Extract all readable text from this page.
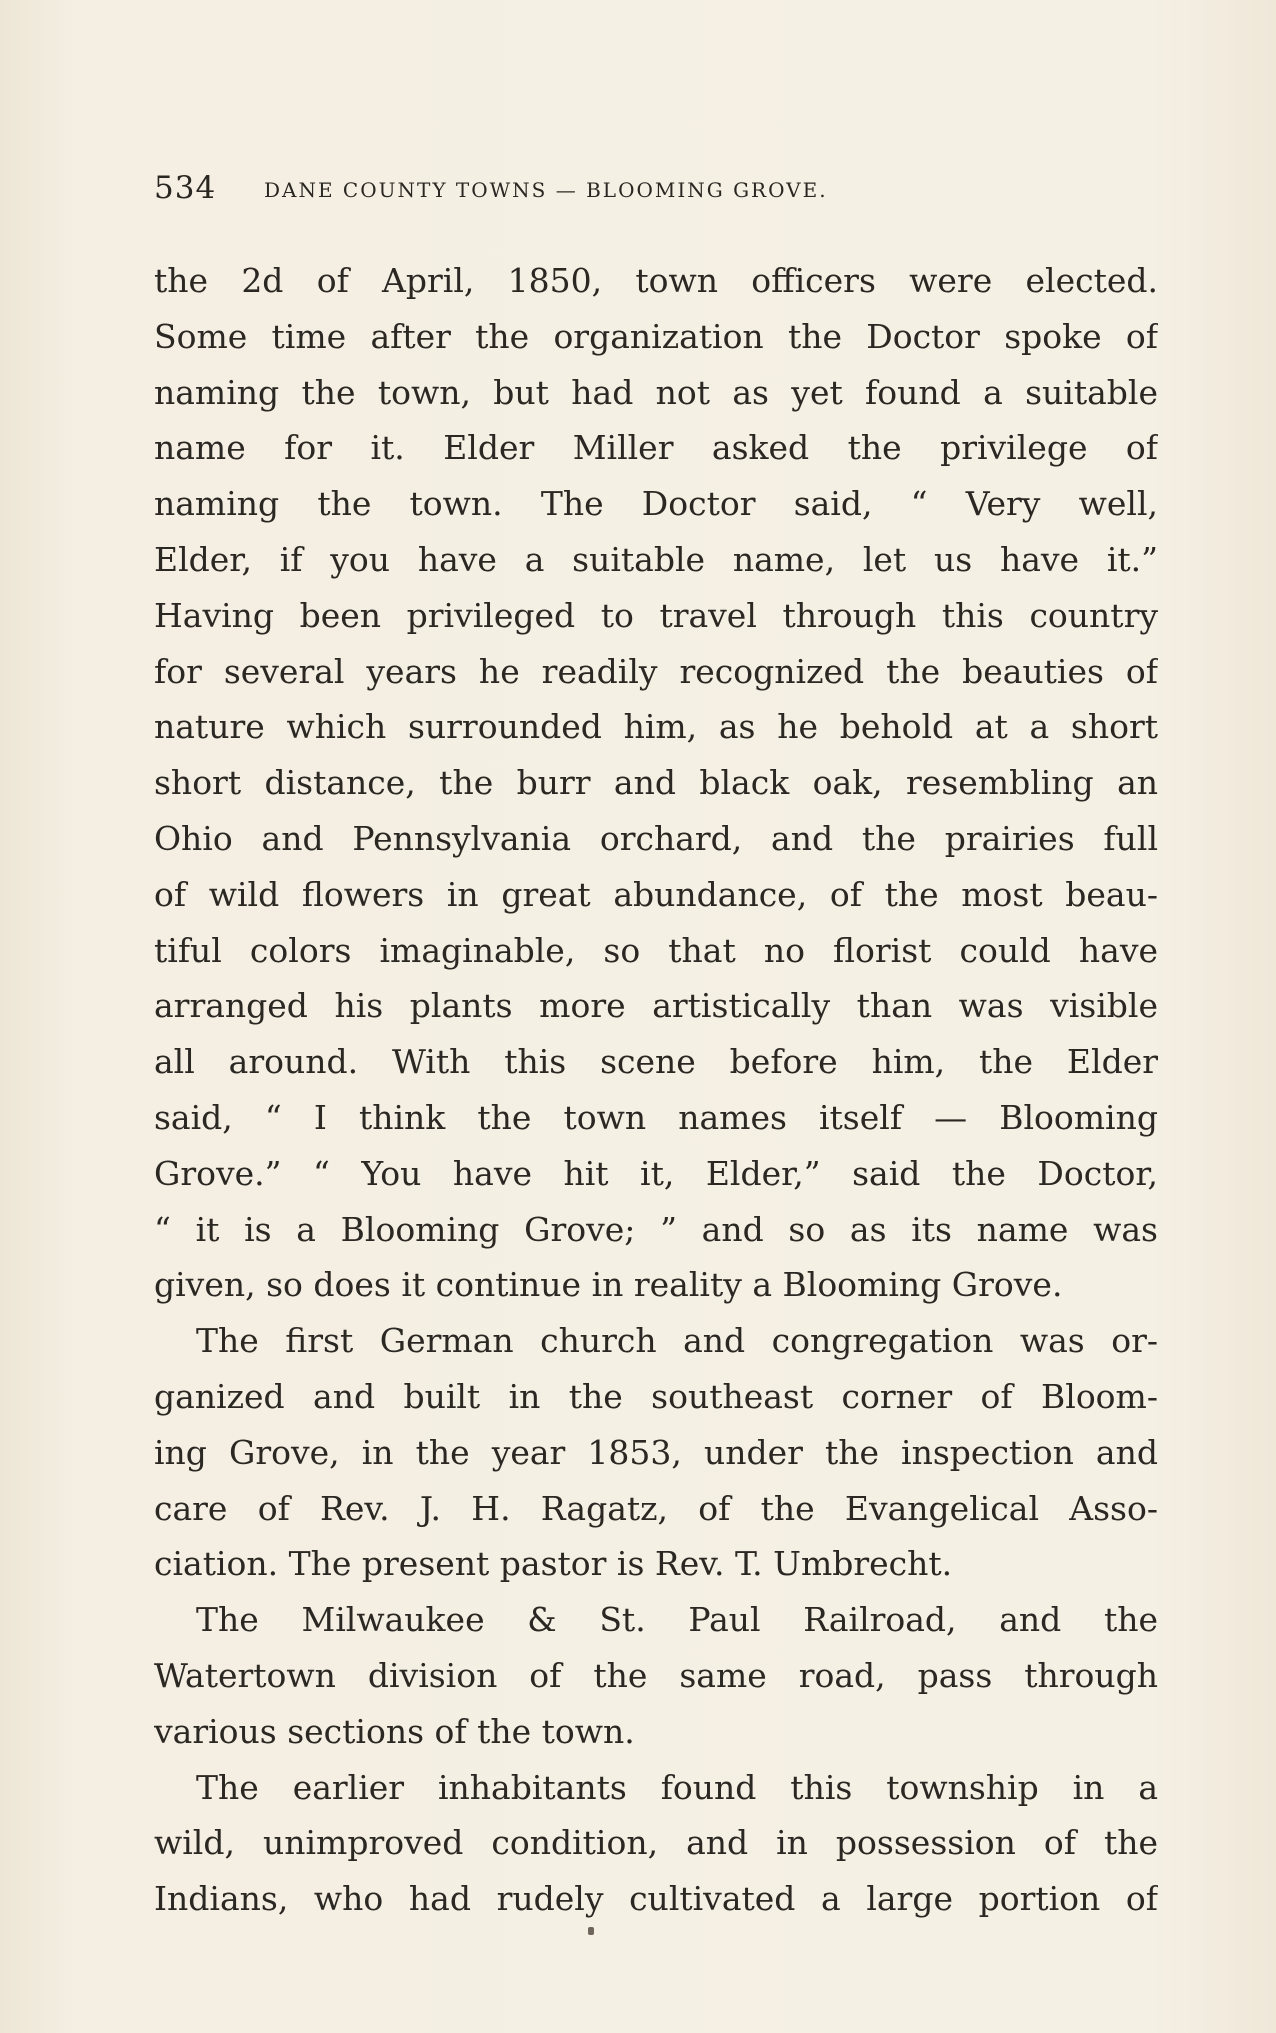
534 DANE COUNTY TOWNS — BLOOMING GROVE.
the 2d of April, 1850, town officers were elected.
Some time after the organization the Doctor spoke of
naming the town, but had not as yet found a suitable
name for it. Elder Miller asked the privilege of
naming the town. The Doctor said, “ Very well,
Elder, if you have a suitable name, let us have it.”
Having been privileged to travel through this country
for several years he readily recognized the beauties of
nature which surrounded him, as he behold at a short
short distance, the burr and black oak, resembling an
Ohio and Pennsylvania orchard, and the prairies full
of wild flowers in great abundance, of the most beau-
tiful colors imaginable, so that no florist could have
arranged his plants more artistically than was visible
all around. With this scene before him, the Elder
said, “ I think the town names itself — Blooming
Grove.” “ You have hit it, Elder,” said the Doctor,
“ it is a Blooming Grove; ” and so as its name was
given, so does it continue in reality a Blooming Grove.
The first German church and congregation was or-
ganized and built in the southeast corner of Bloom-
ing Grove, in the year 1853, under the inspection and
care of Rev. J. H. Ragatz, of the Evangelical Asso-
ciation. The present pastor is Rev. T. Umbrecht.
The Milwaukee & St. Paul Railroad, and the
Watertown division of the same road, pass through
various sections of the town.
The earlier inhabitants found this township in a
wild, unimproved condition, and in possession of the
Indians, who had rudely cultivated a large portion of
